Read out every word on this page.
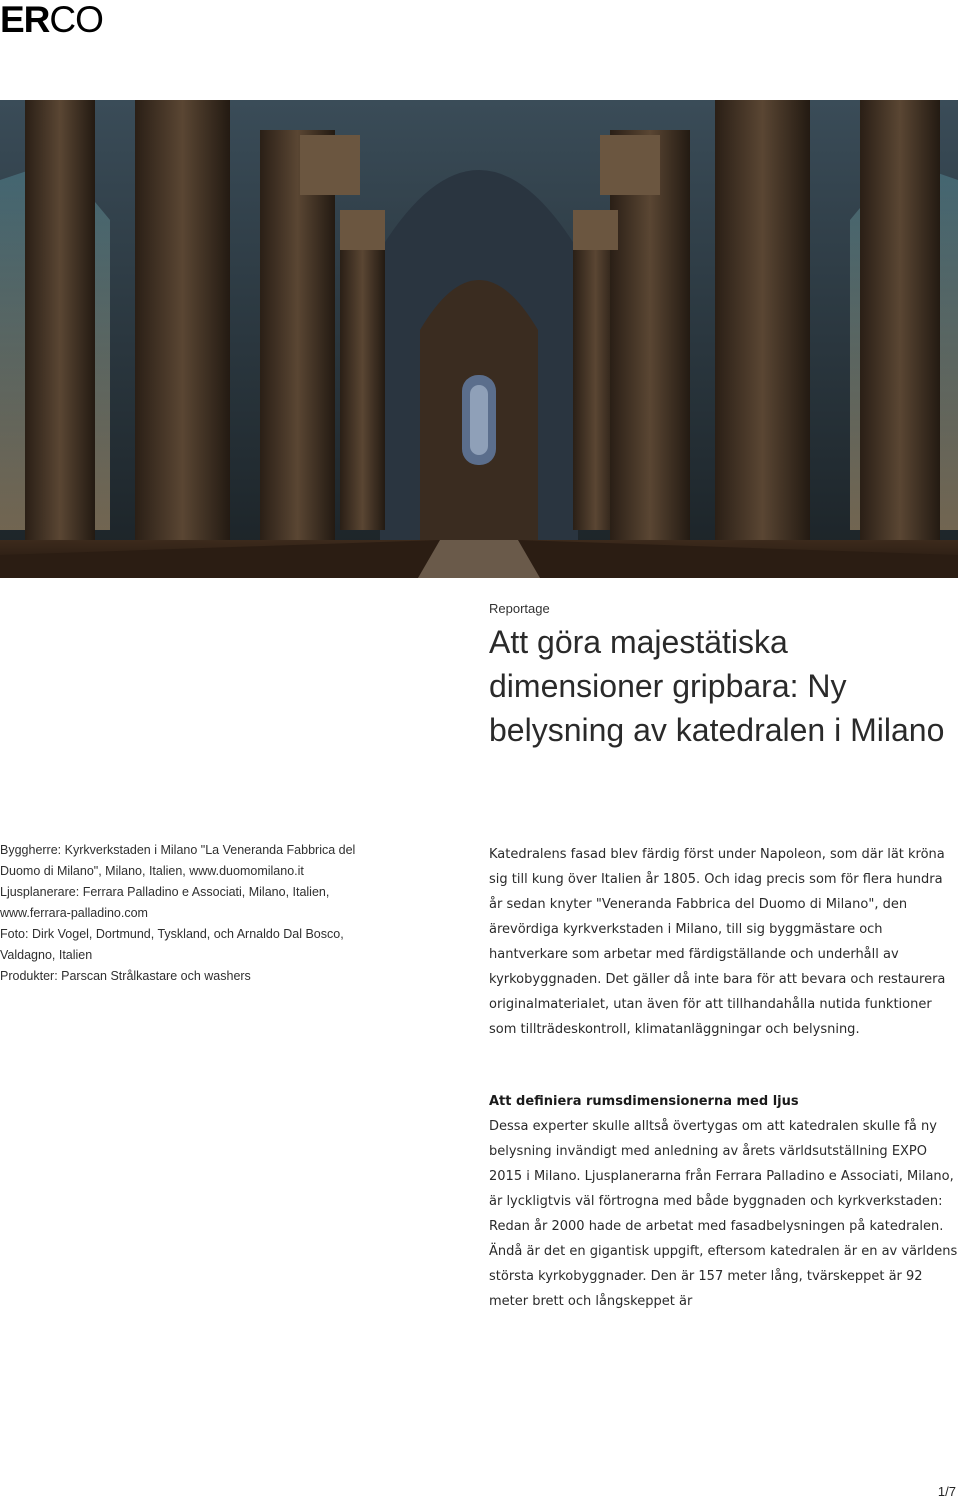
ERCO
Reportage
Att göra majestätiska dimensioner gripbara: Ny belysning av katedralen i Milano
Byggherre: Kyrkverkstaden i Milano "La Veneranda Fabbrica del Duomo di Milano", Milano, Italien, www.duomomilano.it
Ljusplanerare: Ferrara Palladino e Associati, Milano, Italien, www.ferrara-palladino.com
Foto: Dirk Vogel, Dortmund, Tyskland, och Arnaldo Dal Bosco, Valdagno, Italien
Produkter: Parscan Strålkastare och washers

Katedralens fasad blev färdig först under Napoleon, som där lät kröna sig till kung över Italien år 1805. Och idag precis som för flera hundra år sedan knyter "Veneranda Fabbrica del Duomo di Milano", den ärevördiga kyrkverkstaden i Milano, till sig byggmästare och hantverkare som arbetar med färdigställande och underhåll av kyrkobyggnaden. Det gäller då inte bara för att bevara och restaurera originalmaterialet, utan även för att tillhandahålla nutida funktioner som tillträdeskontroll, klimatanläggningar och belysning.

Att definiera rumsdimensionerna med ljus

Dessa experter skulle alltså övertygas om att katedralen skulle få ny belysning invändigt med anledning av årets världsutställning EXPO 2015 i Milano. Ljusplanerarna från Ferrara Palladino e Associati, Milano, är lyckligtvis väl förtrogna med både byggnaden och kyrkverkstaden: Redan år 2000 hade de arbetat med fasadbelysningen på katedralen. Ändå är det en gigantisk uppgift, eftersom katedralen är en av världens största kyrkobyggnader. Den är 157 meter lång, tvärskeppet är 92 meter brett och långskeppet är

1/7
